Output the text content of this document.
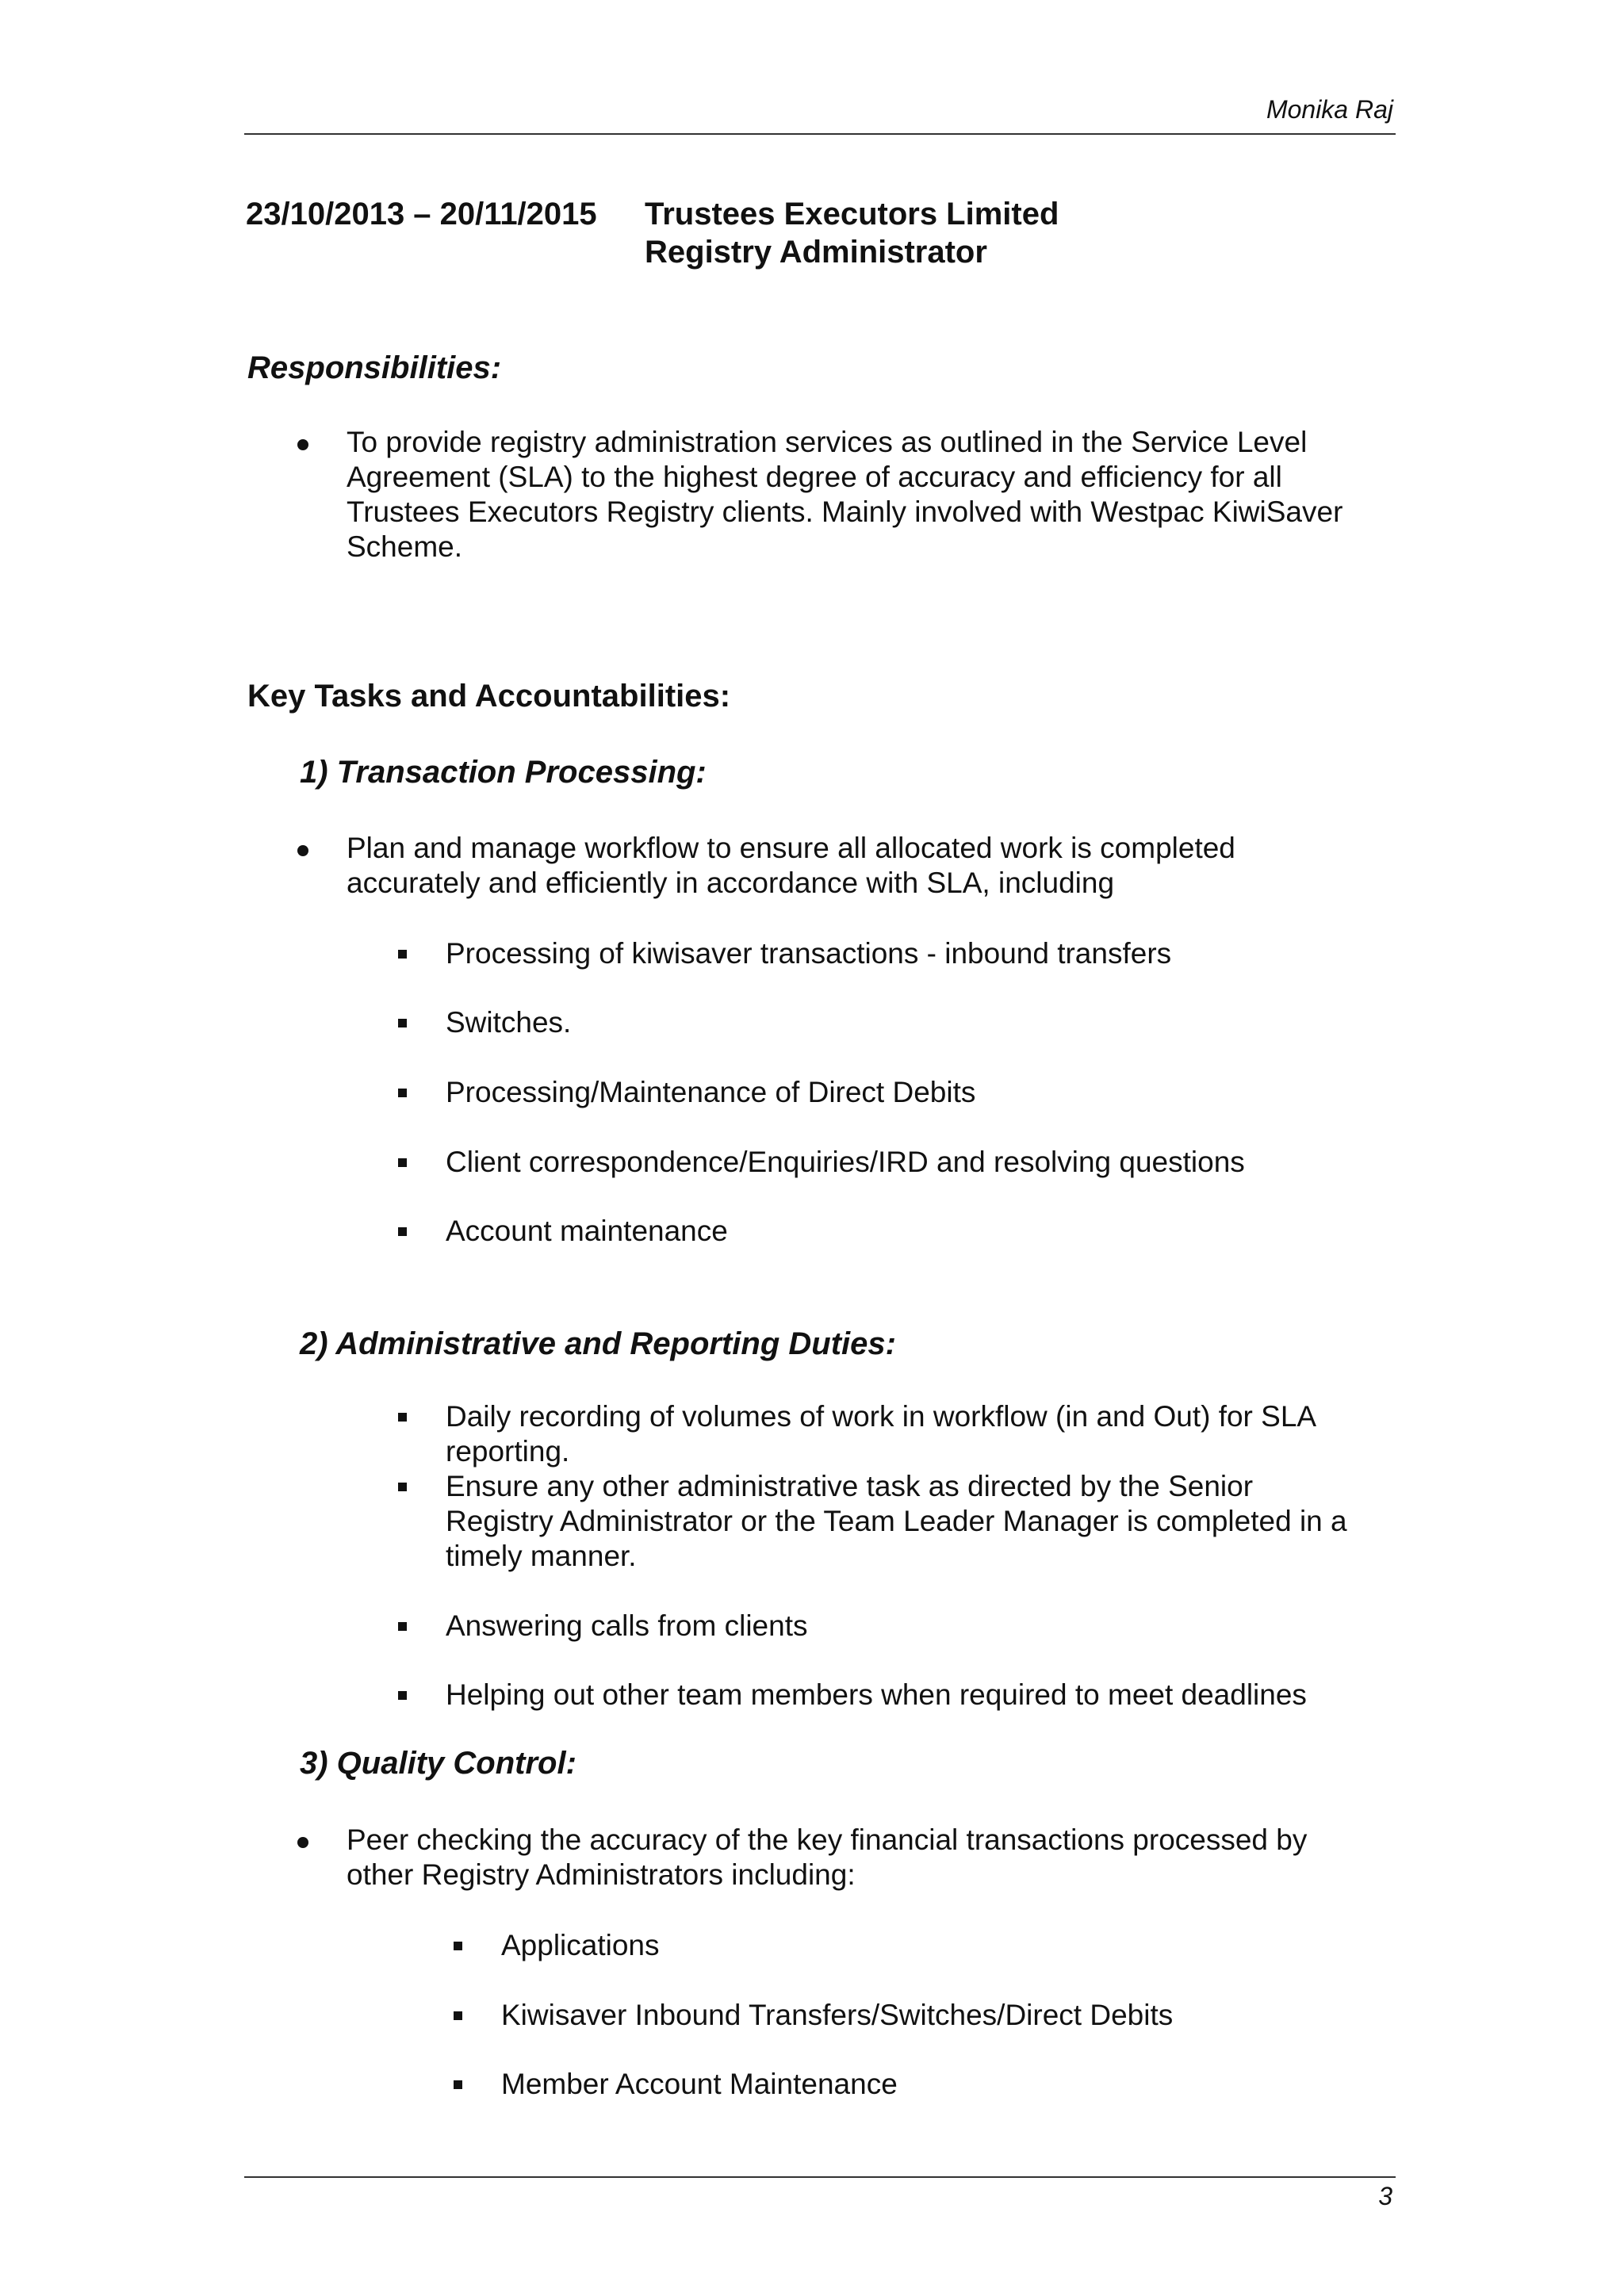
Monika Raj
23/10/2013 – 20/11/2015 Trustees Executors Limited
Registry Administrator
Responsibilities:
To provide registry administration services as outlined in the Service Level
Agreement (SLA) to the highest degree of accuracy and efficiency for all
Trustees Executors Registry clients. Mainly involved with Westpac KiwiSaver
Scheme.
Key Tasks and Accountabilities:
1) Transaction Processing:
Plan and manage workflow to ensure all allocated work is completed
accurately and efficiently in accordance with SLA, including
Processing of kiwisaver transactions - inbound transfers
Switches.
Processing/Maintenance of Direct Debits
Client correspondence/Enquiries/IRD and resolving questions
Account maintenance
2) Administrative and Reporting Duties:
Daily recording of volumes of work in workflow (in and Out) for SLA
reporting.
Ensure any other administrative task as directed by the Senior
Registry Administrator or the Team Leader Manager is completed in a
timely manner.
Answering calls from clients
Helping out other team members when required to meet deadlines
3) Quality Control:
Peer checking the accuracy of the key financial transactions processed by
other Registry Administrators including:
Applications
Kiwisaver Inbound Transfers/Switches/Direct Debits
Member Account Maintenance
3
